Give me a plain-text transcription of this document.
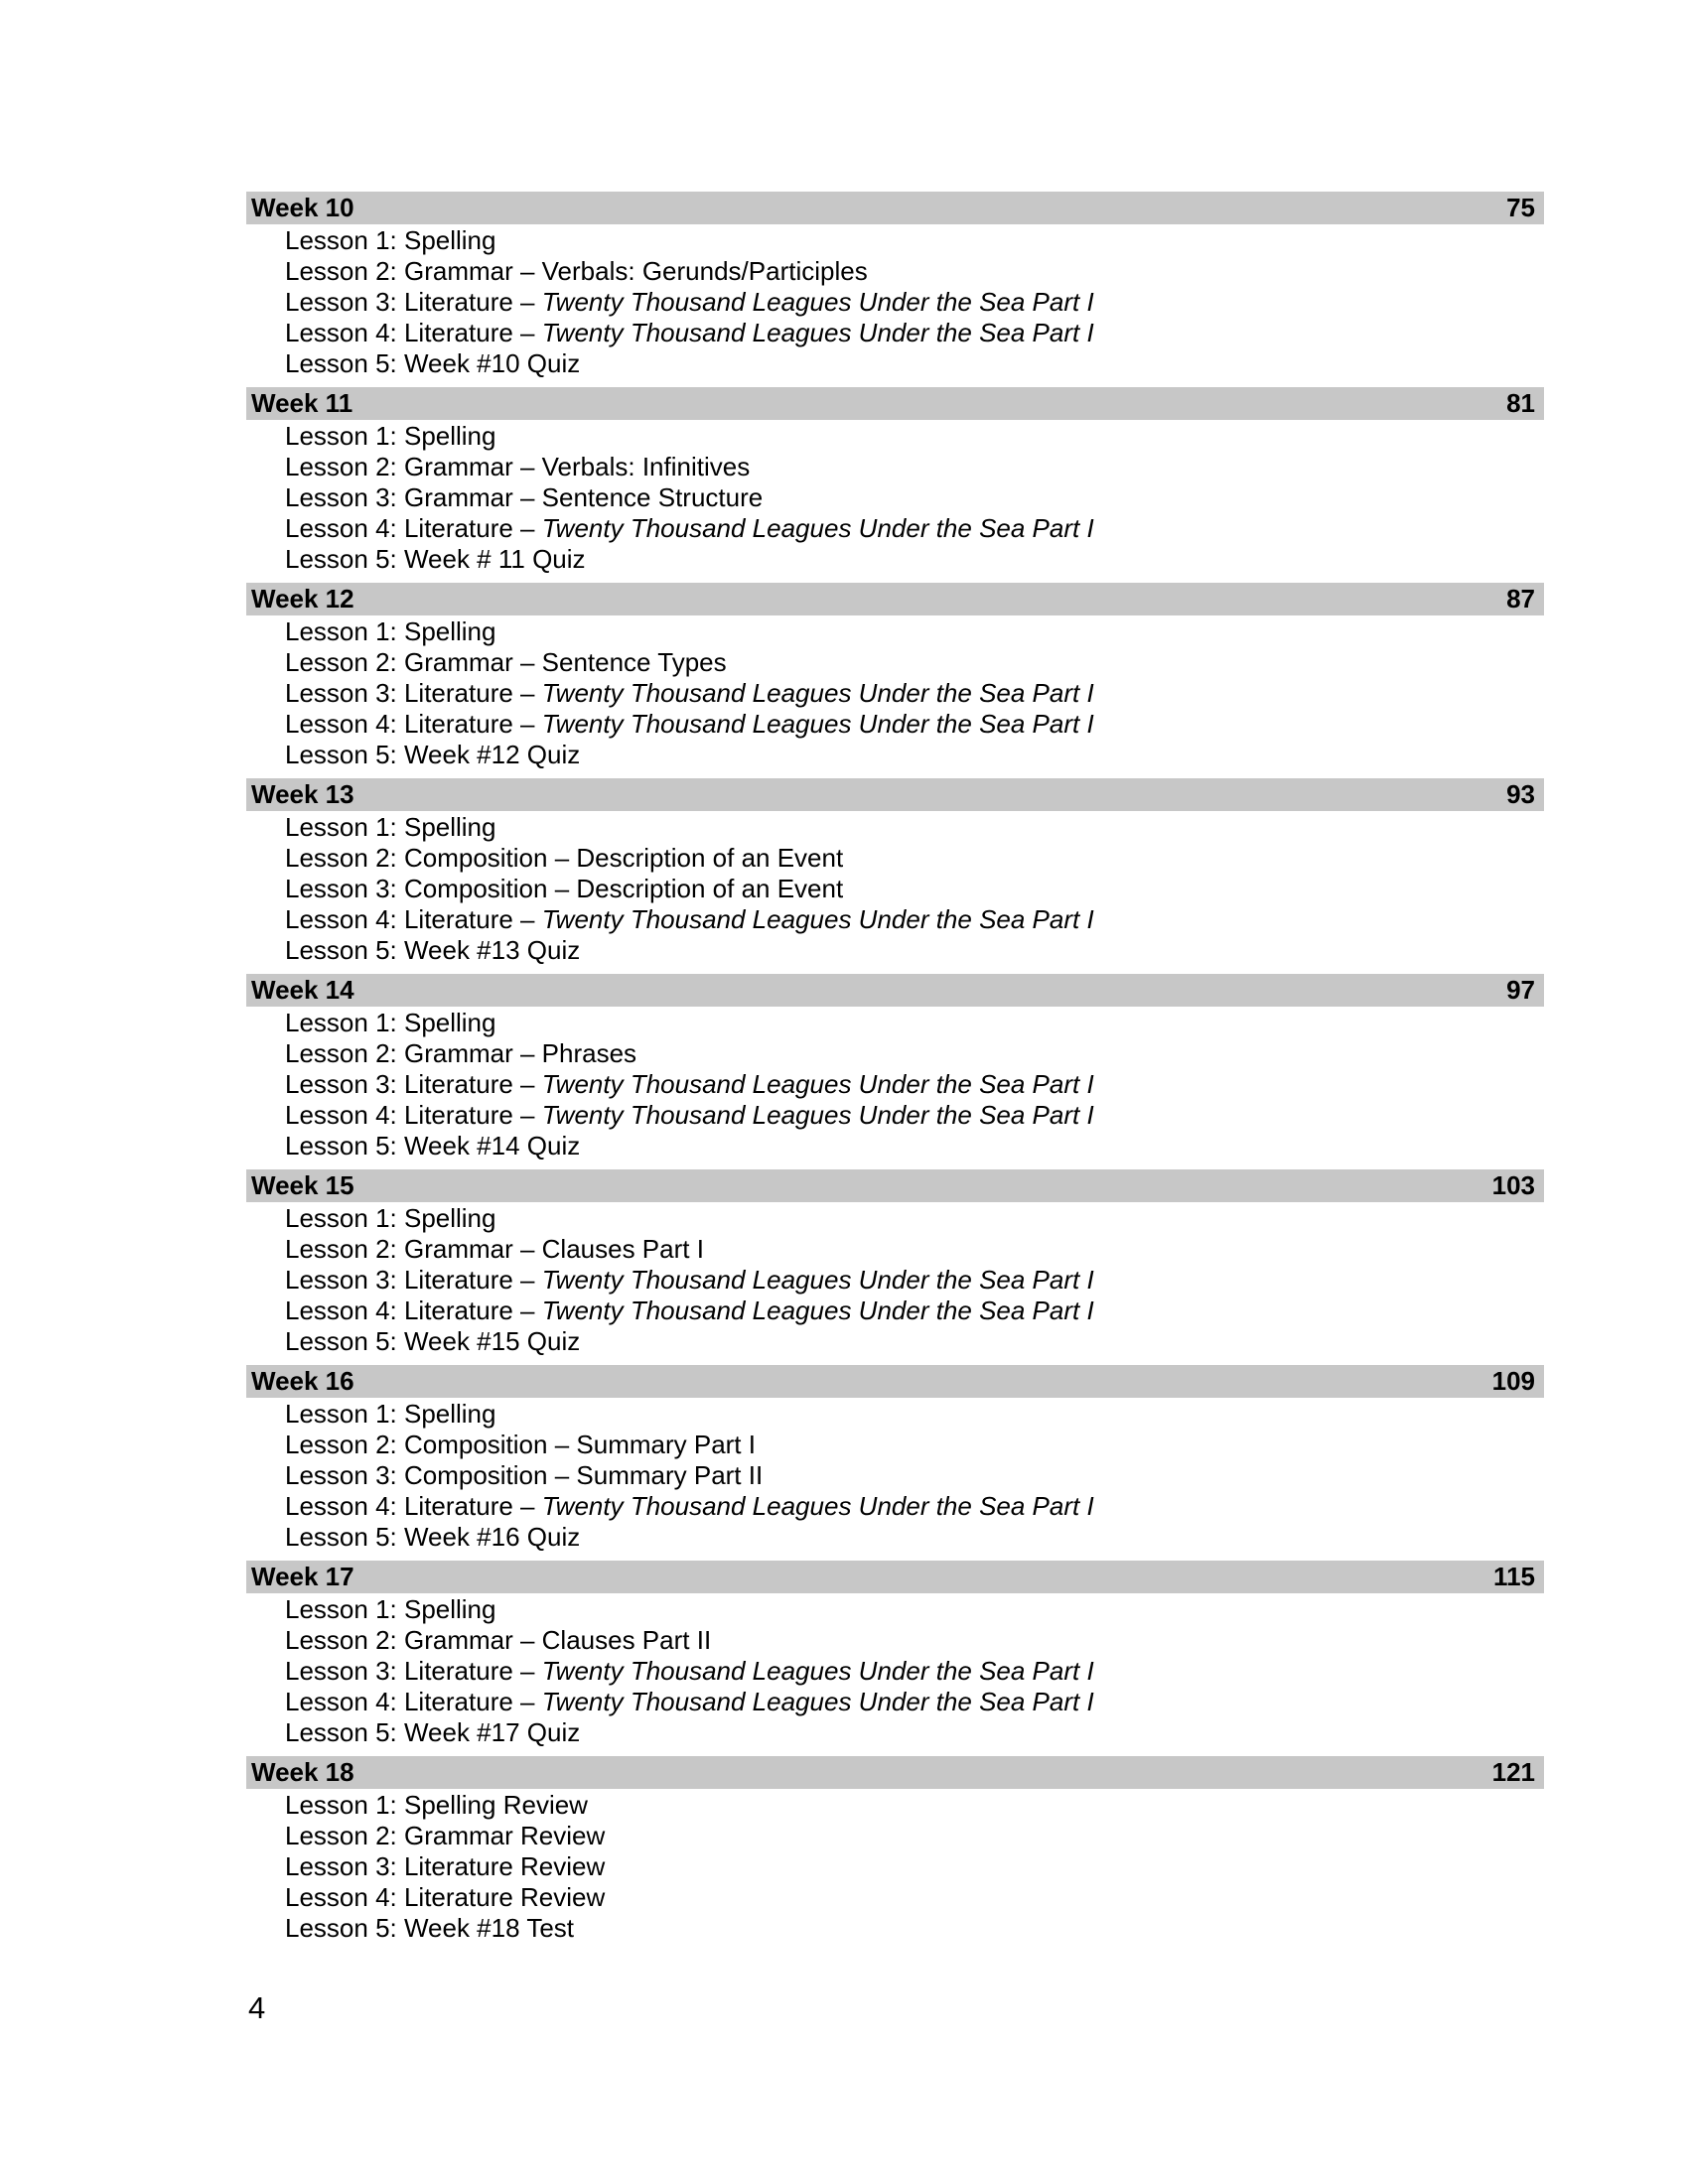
Week 10	75
Lesson 1: Spelling
Lesson 2: Grammar – Verbals: Gerunds/Participles
Lesson 3: Literature – Twenty Thousand Leagues Under the Sea Part I
Lesson 4: Literature – Twenty Thousand Leagues Under the Sea Part I
Lesson 5: Week #10 Quiz
Week 11	81
Lesson 1: Spelling
Lesson 2: Grammar – Verbals: Infinitives
Lesson 3: Grammar – Sentence Structure
Lesson 4: Literature – Twenty Thousand Leagues Under the Sea Part I
Lesson 5: Week # 11 Quiz
Week 12	87
Lesson 1: Spelling
Lesson 2: Grammar – Sentence Types
Lesson 3: Literature – Twenty Thousand Leagues Under the Sea Part I
Lesson 4: Literature – Twenty Thousand Leagues Under the Sea Part I
Lesson 5: Week #12 Quiz
Week 13	93
Lesson 1: Spelling
Lesson 2: Composition – Description of an Event
Lesson 3: Composition – Description of an Event
Lesson 4: Literature – Twenty Thousand Leagues Under the Sea Part I
Lesson 5: Week #13 Quiz
Week 14	97
Lesson 1: Spelling
Lesson 2: Grammar – Phrases
Lesson 3: Literature – Twenty Thousand Leagues Under the Sea Part I
Lesson 4: Literature – Twenty Thousand Leagues Under the Sea Part I
Lesson 5: Week #14 Quiz
Week 15	103
Lesson 1: Spelling
Lesson 2: Grammar – Clauses Part I
Lesson 3: Literature – Twenty Thousand Leagues Under the Sea Part I
Lesson 4: Literature – Twenty Thousand Leagues Under the Sea Part I
Lesson 5: Week #15 Quiz
Week 16	109
Lesson 1: Spelling
Lesson 2: Composition – Summary Part I
Lesson 3: Composition – Summary Part II
Lesson 4: Literature – Twenty Thousand Leagues Under the Sea Part I
Lesson 5: Week #16 Quiz
Week 17	115
Lesson 1: Spelling
Lesson 2: Grammar – Clauses Part II
Lesson 3: Literature – Twenty Thousand Leagues Under the Sea Part I
Lesson 4: Literature – Twenty Thousand Leagues Under the Sea Part I
Lesson 5: Week #17 Quiz
Week 18	121
Lesson 1: Spelling Review
Lesson 2: Grammar Review
Lesson 3: Literature Review
Lesson 4: Literature Review
Lesson 5: Week #18 Test
4
